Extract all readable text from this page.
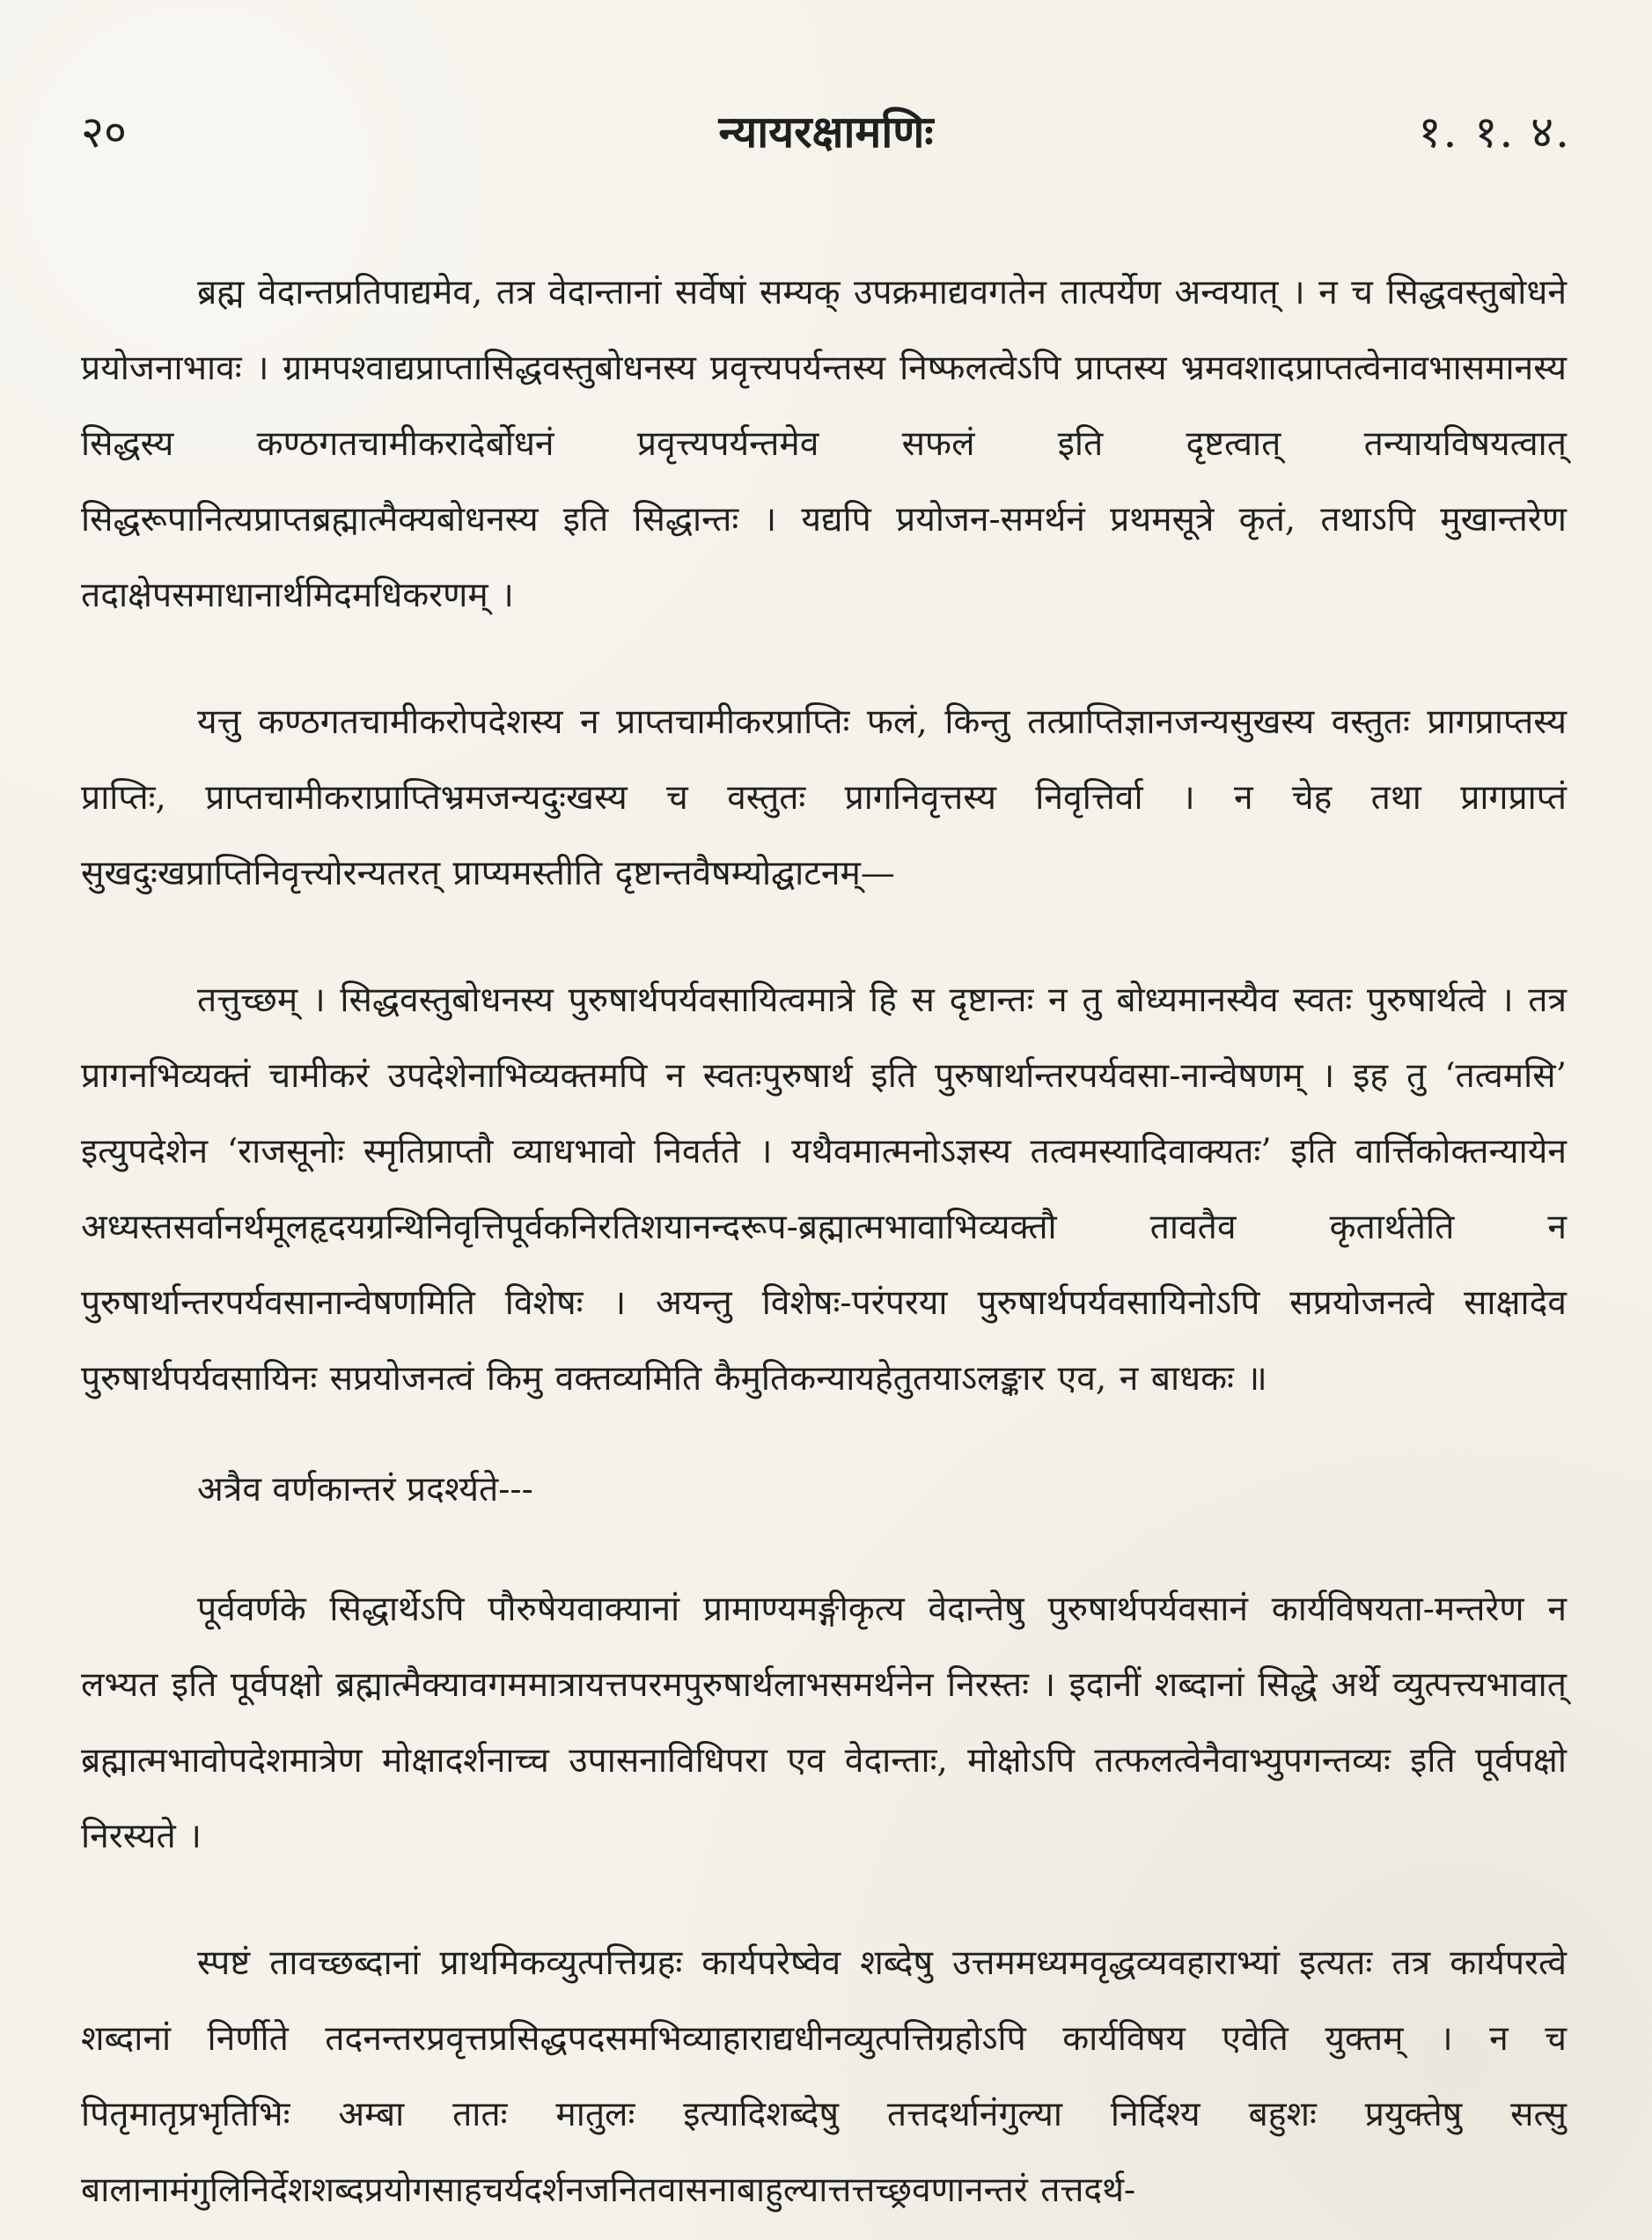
२०	न्यायरक्षामणिः	१. १. ४.

ब्रह्म वेदान्तप्रतिपाद्यमेव, तत्र वेदान्तानां सर्वेषां सम्यक् उपक्रमाद्यवगतेन तात्पर्येण अन्वयात् । न च सिद्धवस्तुबोधने प्रयोजनाभावः । ग्रामपश्वाद्यप्राप्तासिद्धवस्तुबोधनस्य प्रवृत्त्यपर्यन्तस्य निष्फलत्वेऽपि प्राप्तस्य भ्रमवशादप्राप्तत्वेनावभासमानस्य सिद्धस्य कण्ठगतचामीकरादेर्बोधनं प्रवृत्त्यपर्यन्तमेव सफलं इति दृष्टत्वात् तन्यायविषयत्वात् सिद्धरूपानित्यप्राप्तब्रह्मात्मैक्यबोधनस्य इति सिद्धान्तः । यद्यपि प्रयोजन-समर्थनं प्रथमसूत्रे कृतं, तथाऽपि मुखान्तरेण तदाक्षेपसमाधानार्थमिदमधिकरणम् ।

यत्तु कण्ठगतचामीकरोपदेशस्य न प्राप्तचामीकरप्राप्तिः फलं, किन्तु तत्प्राप्तिज्ञानजन्यसुखस्य वस्तुतः प्रागप्राप्तस्य प्राप्तिः, प्राप्तचामीकराप्राप्तिभ्रमजन्यदुःखस्य च वस्तुतः प्रागनिवृत्तस्य निवृत्तिर्वा । न चेह तथा प्रागप्राप्तं सुखदुःखप्राप्तिनिवृत्त्योरन्यतरत् प्राप्यमस्तीति दृष्टान्तवैषम्योद्घाटनम्—

तत्तुच्छम् । सिद्धवस्तुबोधनस्य पुरुषार्थपर्यवसायित्वमात्रे हि स दृष्टान्तः न तु बोध्यमानस्यैव स्वतः पुरुषार्थत्वे । तत्र प्रागनभिव्यक्तं चामीकरं उपदेशेनाभिव्यक्तमपि न स्वतःपुरुषार्थ इति पुरुषार्थान्तरपर्यवसा-नान्वेषणम् । इह तु ‘तत्वमसि’ इत्युपदेशेन ‘राजसूनोः स्मृतिप्राप्तौ व्याधभावो निवर्तते । यथैवमात्मनोऽज्ञस्य तत्वमस्यादिवाक्यतः’ इति वार्त्तिकोक्तन्यायेन अध्यस्तसर्वानर्थमूलहृदयग्रन्थिनिवृत्तिपूर्वकनिरतिशयानन्दरूप-ब्रह्मात्मभावाभिव्यक्तौ तावतैव कृतार्थतेति न पुरुषार्थान्तरपर्यवसानान्वेषणमिति विशेषः । अयन्तु विशेषः-परंपरया पुरुषार्थपर्यवसायिनोऽपि सप्रयोजनत्वे साक्षादेव पुरुषार्थपर्यवसायिनः सप्रयोजनत्वं किमु वक्तव्यमिति कैमुतिकन्यायहेतुतयाऽलङ्कार एव, न बाधकः ॥

अत्रैव वर्णकान्तरं प्रदर्श्यते---

पूर्ववर्णके सिद्धार्थेऽपि पौरुषेयवाक्यानां प्रामाण्यमङ्गीकृत्य वेदान्तेषु पुरुषार्थपर्यवसानं कार्यविषयता-मन्तरेण न लभ्यत इति पूर्वपक्षो ब्रह्मात्मैक्यावगममात्रायत्तपरमपुरुषार्थलाभसमर्थनेन निरस्तः । इदानीं शब्दानां सिद्धे अर्थे व्युत्पत्त्यभावात् ब्रह्मात्मभावोपदेशमात्रेण मोक्षादर्शनाच्च उपासनाविधिपरा एव वेदान्ताः, मोक्षोऽपि तत्फलत्वेनैवाभ्युपगन्तव्यः इति पूर्वपक्षो निरस्यते ।

स्पष्टं तावच्छब्दानां प्राथमिकव्युत्पत्तिग्रहः कार्यपरेष्वेव शब्देषु उत्तममध्यमवृद्धव्यवहाराभ्यां इत्यतः तत्र कार्यपरत्वे शब्दानां निर्णीते तदनन्तरप्रवृत्तप्रसिद्धपदसमभिव्याहाराद्यधीनव्युत्पत्तिग्रहोऽपि कार्यविषय एवेति युक्तम् । न च पितृमातृप्रभृतिभिः अम्बा तातः मातुलः इत्यादिशब्देषु तत्तदर्थानंगुल्या निर्दिश्य बहुशः प्रयुक्तेषु सत्सु बालानामंगुलिनिर्देशशब्दप्रयोगसाहचर्यदर्शनजनितवासनाबाहुल्यात्तत्तच्छ्रवणानन्तरं तत्तदर्थ-
